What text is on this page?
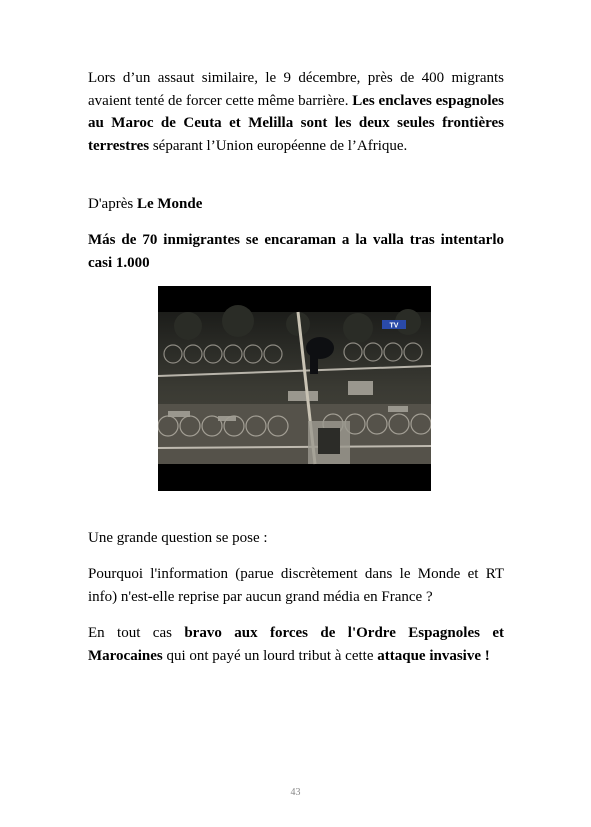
Lors d’un assaut similaire, le 9 décembre, près de 400 migrants avaient tenté de forcer cette même barrière. Les enclaves espagnoles au Maroc de Ceuta et Melilla sont les deux seules frontières terrestres séparant l’Union européenne de l’Afrique.

D'après Le Monde

Más de 70 inmigrantes se encaraman a la valla tras intentarlo casi 1.000

TV

Une grande question se pose :

Pourquoi l'information (parue discrètement dans le Monde et RT info) n'est-elle reprise par aucun grand média en France ?

En tout cas bravo aux forces de l'Ordre Espagnoles et Marocaines qui ont payé un lourd tribut à cette attaque invasive !

43
